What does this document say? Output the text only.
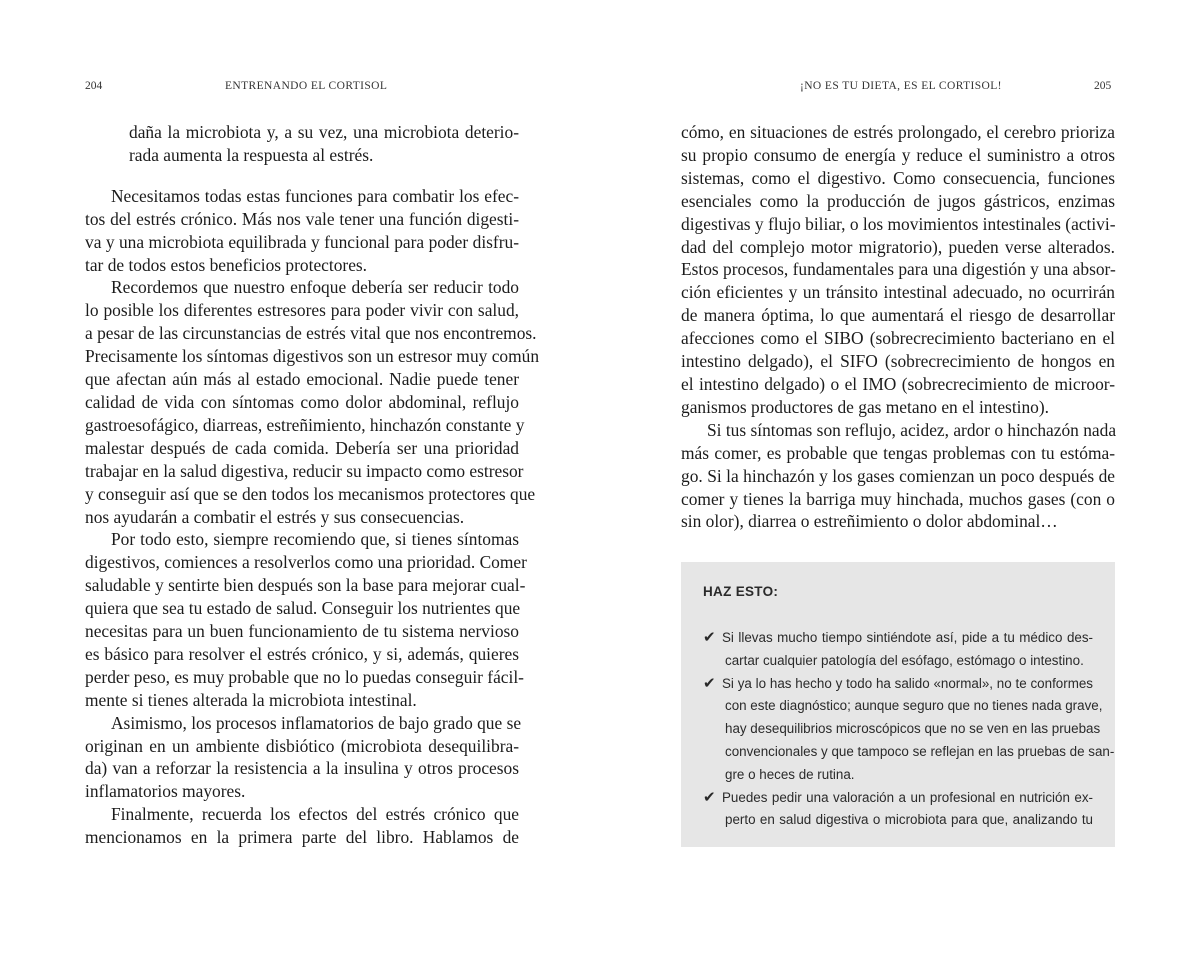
204	ENTRENANDO EL CORTISOL
daña la microbiota y, a su vez, una microbiota deterio-
rada aumenta la respuesta al estrés.
Necesitamos todas estas funciones para combatir los efec-
tos del estrés crónico. Más nos vale tener una función digesti-
va y una microbiota equilibrada y funcional para poder disfru-
tar de todos estos beneficios protectores.
Recordemos que nuestro enfoque debería ser reducir todo
lo posible los diferentes estresores para poder vivir con salud,
a pesar de las circunstancias de estrés vital que nos encontremos.
Precisamente los síntomas digestivos son un estresor muy común
que afectan aún más al estado emocional. Nadie puede tener
calidad de vida con síntomas como dolor abdominal, reflujo
gastroesofágico, diarreas, estreñimiento, hinchazón constante y
malestar después de cada comida. Debería ser una prioridad
trabajar en la salud digestiva, reducir su impacto como estresor
y conseguir así que se den todos los mecanismos protectores que
nos ayudarán a combatir el estrés y sus consecuencias.
Por todo esto, siempre recomiendo que, si tienes síntomas
digestivos, comiences a resolverlos como una prioridad. Comer
saludable y sentirte bien después son la base para mejorar cual-
quiera que sea tu estado de salud. Conseguir los nutrientes que
necesitas para un buen funcionamiento de tu sistema nervioso
es básico para resolver el estrés crónico, y si, además, quieres
perder peso, es muy probable que no lo puedas conseguir fácil-
mente si tienes alterada la microbiota intestinal.
Asimismo, los procesos inflamatorios de bajo grado que se
originan en un ambiente disbiótico (microbiota desequilibra-
da) van a reforzar la resistencia a la insulina y otros procesos
inflamatorios mayores.
Finalmente, recuerda los efectos del estrés crónico que
mencionamos en la primera parte del libro. Hablamos de
¡NO ES TU DIETA, ES EL CORTISOL!	205
cómo, en situaciones de estrés prolongado, el cerebro prioriza
su propio consumo de energía y reduce el suministro a otros
sistemas, como el digestivo. Como consecuencia, funciones
esenciales como la producción de jugos gástricos, enzimas
digestivas y flujo biliar, o los movimientos intestinales (activi-
dad del complejo motor migratorio), pueden verse alterados.
Estos procesos, fundamentales para una digestión y una absor-
ción eficientes y un tránsito intestinal adecuado, no ocurrirán
de manera óptima, lo que aumentará el riesgo de desarrollar
afecciones como el SIBO (sobrecrecimiento bacteriano en el
intestino delgado), el SIFO (sobrecrecimiento de hongos en
el intestino delgado) o el IMO (sobrecrecimiento de microor-
ganismos productores de gas metano en el intestino).
Si tus síntomas son reflujo, acidez, ardor o hinchazón nada
más comer, es probable que tengas problemas con tu estóma-
go. Si la hinchazón y los gases comienzan un poco después de
comer y tienes la barriga muy hinchada, muchos gases (con o
sin olor), diarrea o estreñimiento o dolor abdominal…
HAZ ESTO:
✔ Si llevas mucho tiempo sintiéndote así, pide a tu médico des-
cartar cualquier patología del esófago, estómago o intestino.
✔ Si ya lo has hecho y todo ha salido «normal», no te conformes
con este diagnóstico; aunque seguro que no tienes nada grave,
hay desequilibrios microscópicos que no se ven en las pruebas
convencionales y que tampoco se reflejan en las pruebas de san-
gre o heces de rutina.
✔ Puedes pedir una valoración a un profesional en nutrición ex-
perto en salud digestiva o microbiota para que, analizando tu
